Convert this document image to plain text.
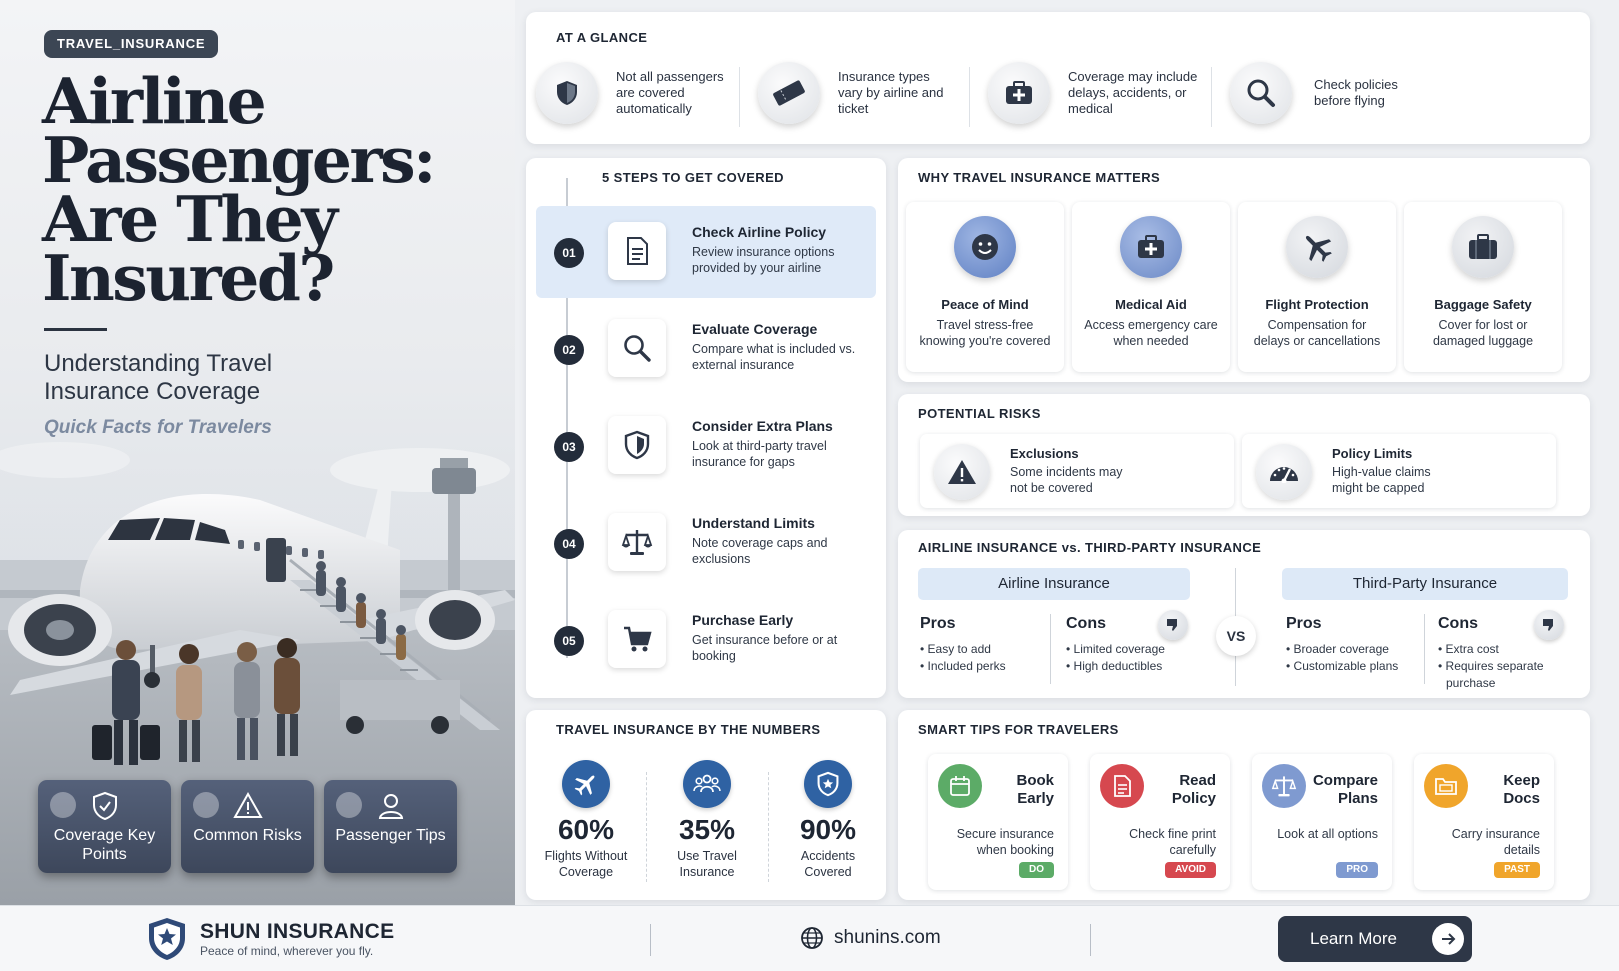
TRAVEL_INSURANCE
Airline
Passengers:
Are They
Insured?
Understanding Travel Insurance Coverage
Quick Facts for Travelers
Coverage Key Points
Common Risks	Passenger Tips
AT A GLANCE
Not all passengers are covered automatically
Insurance types vary by airline and ticket
Coverage may include delays, accidents, or medical
Check policies before flying
5 STEPS TO GET COVERED
01
Check Airline Policy
Review insurance options provided by your airline
02
Evaluate Coverage
Compare what is included vs. external insurance
03
Consider Extra Plans
Look at third-party travel insurance for gaps
04
Understand Limits
Note coverage caps and exclusions
05
Purchase Early
Get insurance before or at booking
WHY TRAVEL INSURANCE MATTERS
Peace of Mind
Travel stress-free knowing you're covered
Medical Aid
Access emergency care when needed
Flight Protection
Compensation for delays or cancellations
Baggage Safety
Cover for lost or damaged luggage
POTENTIAL RISKS
Exclusions
Some incidents may not be covered
Policy Limits
High-value claims might be capped
AIRLINE INSURANCE vs. THIRD-PARTY INSURANCE
Airline Insurance	Third-Party Insurance
Pros
• Easy to add
• Included perks
Cons
• Limited coverage
• High deductibles
VS
Pros
• Broader coverage
• Customizable plans
Cons
• Extra cost
• Requires separate
purchase
TRAVEL INSURANCE BY THE NUMBERS
60%
Flights Without Coverage
35%
Use Travel Insurance
90%
Accidents Covered
SMART TIPS FOR TRAVELERS
Book Early
Secure insurance when booking
DO
Read Policy
Check fine print carefully
AVOID
Compare Plans
Look at all options
PRO
Keep Docs
Carry insurance details
PAST
SHUN INSURANCE
Peace of mind, wherever you fly.
shunins.com	Learn More
